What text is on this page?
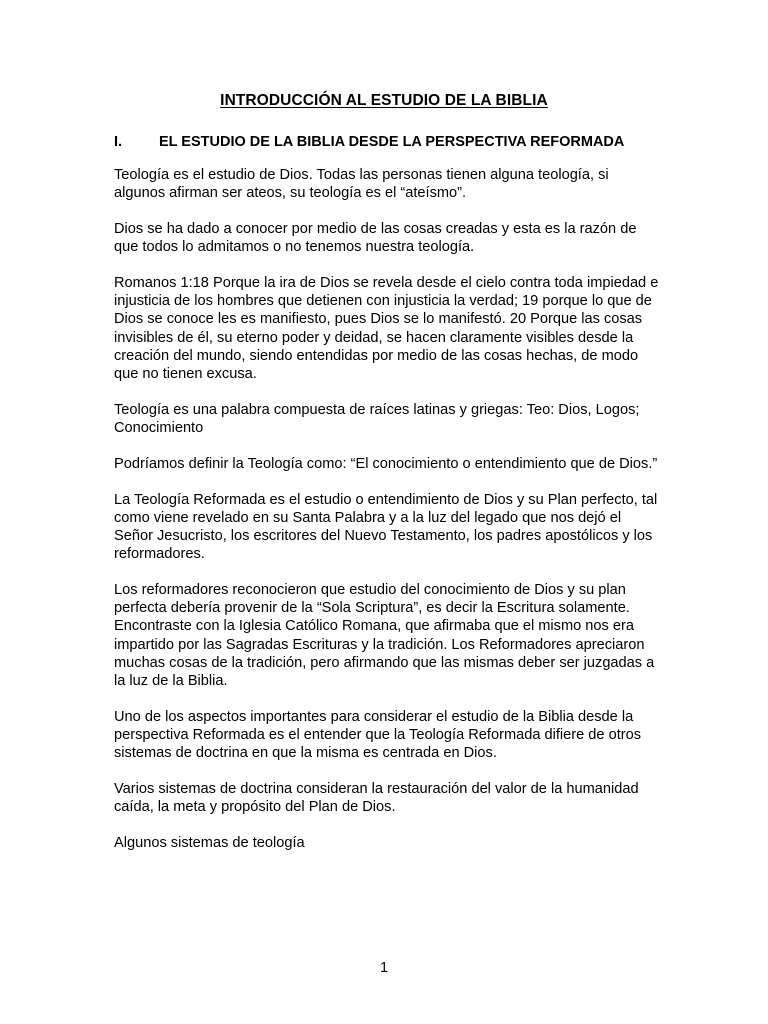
INTRODUCCIÓN AL ESTUDIO DE LA BIBLIA
I.	EL ESTUDIO DE LA BIBLIA DESDE LA PERSPECTIVA REFORMADA

Teología es el estudio de Dios. Todas las personas tienen alguna teología, si algunos afirman ser ateos, su teología es el “ateísmo”.

Dios se ha dado a conocer por medio de las cosas creadas y esta es la razón de que todos lo admitamos o no tenemos nuestra teología.

Romanos 1:18 Porque la ira de Dios se revela desde el cielo contra toda impiedad e injusticia de los hombres que detienen con injusticia la verdad; 19 porque lo que de Dios se conoce les es manifiesto, pues Dios se lo manifestó. 20 Porque las cosas invisibles de él, su eterno poder y deidad, se hacen claramente visibles desde la creación del mundo, siendo entendidas por medio de las cosas hechas, de modo que no tienen excusa.

Teología es una palabra compuesta de raíces latinas y griegas: Teo: Dios, Logos; Conocimiento

Podríamos definir la Teología como: “El conocimiento o entendimiento que de Dios.”

La Teología Reformada es el estudio o entendimiento de Dios y su Plan perfecto, tal como viene revelado en su Santa Palabra y a la luz del legado que nos dejó el Señor Jesucristo, los escritores del Nuevo Testamento, los padres apostólicos y los reformadores.

Los reformadores reconocieron que estudio del conocimiento de Dios y su plan perfecta debería provenir de la “Sola Scriptura”, es decir la Escritura solamente. Encontraste con la Iglesia Católico Romana, que afirmaba que el mismo nos era impartido por las Sagradas Escrituras y la tradición. Los Reformadores apreciaron muchas cosas de la tradición, pero afirmando que las mismas deber ser juzgadas a la luz de la Biblia.

Uno de los aspectos importantes para considerar el estudio de la Biblia desde la perspectiva Reformada es el entender que la Teología Reformada difiere de otros sistemas de doctrina en que la misma es centrada en Dios.

Varios sistemas de doctrina consideran la restauración del valor de la humanidad caída, la meta y propósito del Plan de Dios.

Algunos sistemas de teología

1
